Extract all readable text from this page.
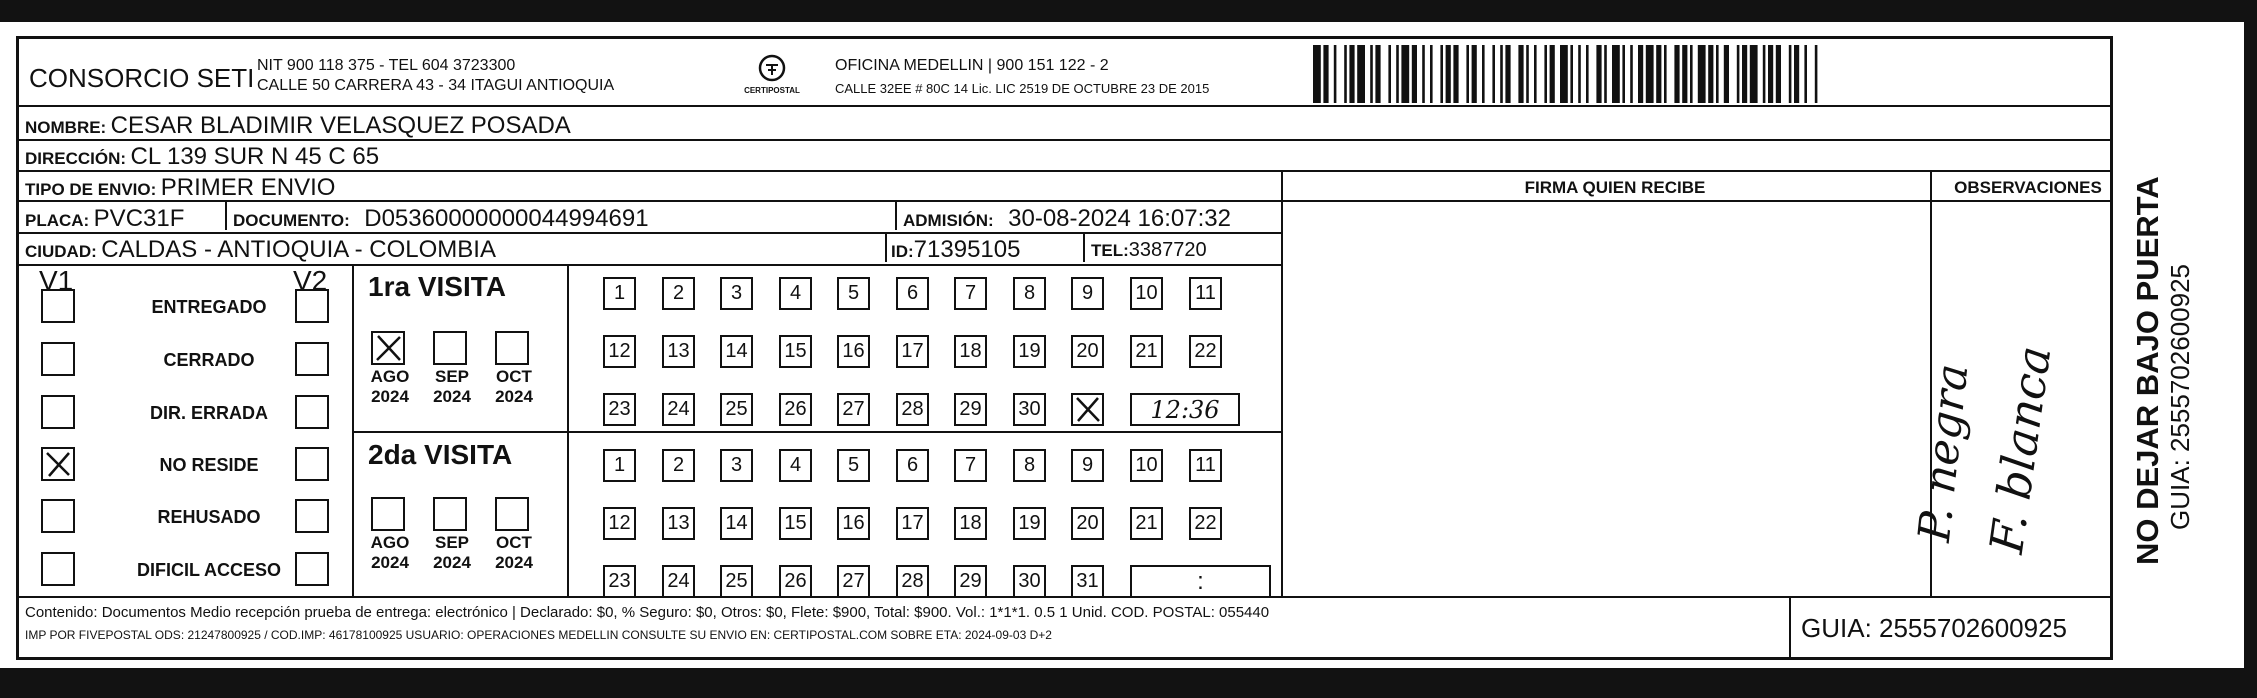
CONSORCIO SETI NIT 900 118 375 - TEL 604 3723300
CALLE 50 CARRERA 43 - 34 ITAGUI ANTIOQUIA	CERTIPOSTAL
OFICINA MEDELLIN | 900 151 122 - 2
CALLE 32EE # 80C 14 Lic. LIC 2519 DE OCTUBRE 23 DE 2015
NOMBRE: CESAR BLADIMIR VELASQUEZ POSADA
DIRECCIÓN: CL 139 SUR N 45 C 65
TIPO DE ENVIO: PRIMER ENVIO	FIRMA QUIEN RECIBE	OBSERVACIONES
PLACA: PVC31F	DOCUMENTO: D05360000000044994691	ADMISIÓN: 30-08-2024 16:07:32
CIUDAD: CALDAS - ANTIOQUIA - COLOMBIA	ID:71395105	TEL:3387720
V1	V2
ENTREGADO
CERRADO
DIR. ERRADA
NO RESIDE
REHUSADO
DIFICIL ACCESO
1ra VISITA
AGO
2024
SEP
2024
OCT
2024
1 2 3 4 5 6 7 8 9 10 11
12 13 14 15 16 17 18 19 20 21 22
23 24 25 26 27 28 29 30	12:36
2da VISITA
AGO
2024
SEP
2024
OCT
2024
1 2 3 4 5 6 7 8 9 10 11
12 13 14 15 16 17 18 19 20 21 22
23 24 25 26 27 28 29 30 31	:
P. negra F. blanca
Contenido: Documentos Medio recepción prueba de entrega: electrónico | Declarado: $0, % Seguro: $0, Otros: $0, Flete: $900, Total: $900. Vol.: 1*1*1. 0.5 1 Unid. COD. POSTAL: 055440
IMP POR FIVEPOSTAL ODS: 21247800925 / COD.IMP: 46178100925 USUARIO: OPERACIONES MEDELLIN CONSULTE SU ENVIO EN: CERTIPOSTAL.COM SOBRE ETA: 2024-09-03 D+2	GUIA: 2555702600925
NO DEJAR BAJO PUERTA GUIA: 2555702600925
